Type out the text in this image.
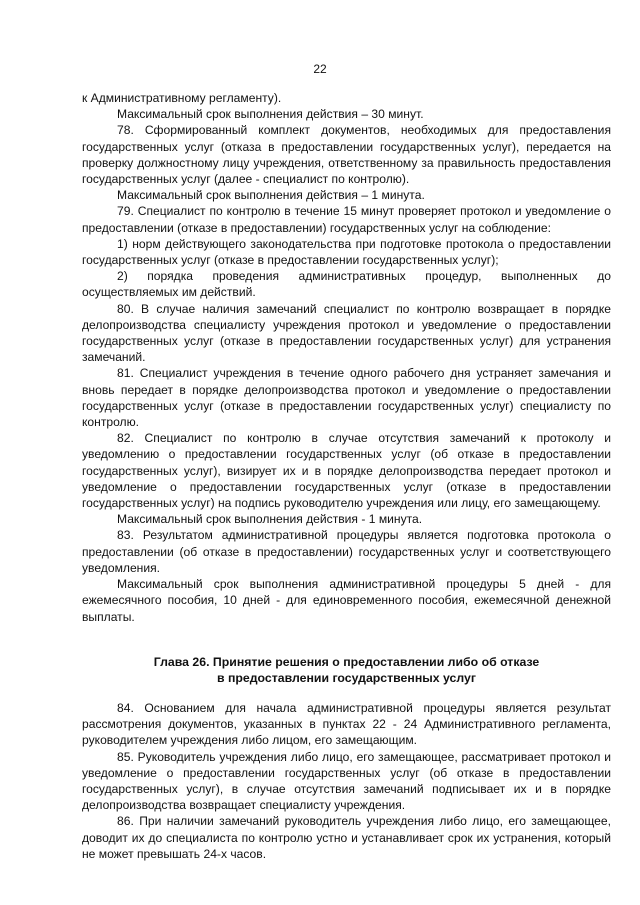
22

к Административному регламенту).

Максимальный срок выполнения действия – 30 минут.

78. Сформированный комплект документов, необходимых для предоставления государственных услуг (отказа в предоставлении государственных услуг), передается на проверку должностному лицу учреждения, ответственному за правильность предоставления государственных услуг (далее - специалист по контролю).

Максимальный срок выполнения действия – 1 минута.

79. Специалист по контролю в течение 15 минут проверяет протокол и уведомление о предоставлении (отказе в предоставлении) государственных услуг на соблюдение:

1) норм действующего законодательства при подготовке протокола о предоставлении государственных услуг (отказе в предоставлении государственных услуг);

2) порядка проведения административных процедур, выполненных до осуществляемых им действий.

80. В случае наличия замечаний специалист по контролю возвращает в порядке делопроизводства специалисту учреждения протокол и уведомление о предоставлении государственных услуг (отказе в предоставлении государственных услуг) для устранения замечаний.

81. Специалист учреждения в течение одного рабочего дня устраняет замечания и вновь передает в порядке делопроизводства протокол и уведомление о предоставлении государственных услуг (отказе в предоставлении государственных услуг) специалисту по контролю.

82. Специалист по контролю в случае отсутствия замечаний к протоколу и уведомлению о предоставлении государственных услуг (об отказе в предоставлении государственных услуг), визирует их и в порядке делопроизводства передает протокол и уведомление о предоставлении государственных услуг (отказе в предоставлении государственных услуг) на подпись руководителю учреждения или лицу, его замещающему.

Максимальный срок выполнения действия - 1 минута.

83. Результатом административной процедуры является подготовка протокола о предоставлении (об отказе в предоставлении) государственных услуг и соответствующего уведомления.

Максимальный срок выполнения административной процедуры 5 дней - для ежемесячного пособия, 10 дней - для единовременного пособия, ежемесячной денежной выплаты.

Глава 26. Принятие решения о предоставлении либо об отказе
в предоставлении государственных услуг

84. Основанием для начала административной процедуры является результат рассмотрения документов, указанных в пунктах 22 - 24 Административного регламента, руководителем учреждения либо лицом, его замещающим.

85. Руководитель учреждения либо лицо, его замещающее, рассматривает протокол и уведомление о предоставлении государственных услуг (об отказе в предоставлении государственных услуг), в случае отсутствия замечаний подписывает их и в порядке делопроизводства возвращает специалисту учреждения.

86. При наличии замечаний руководитель учреждения либо лицо, его замещающее, доводит их до специалиста по контролю устно и устанавливает срок их устранения, который не может превышать 24-х часов.
